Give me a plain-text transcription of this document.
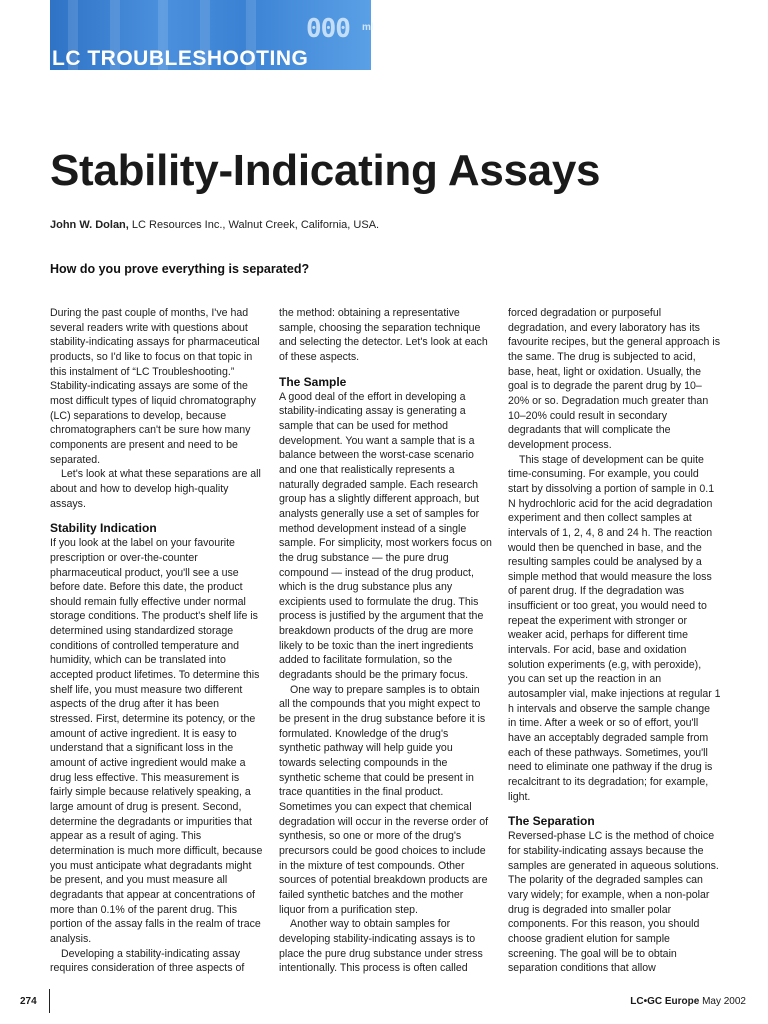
000 ml
LC TROUBLESHOOTING
Stability-Indicating Assays
John W. Dolan, LC Resources Inc., Walnut Creek, California, USA.
How do you prove everything is separated?

During the past couple of months, I've had several readers write with questions about stability-indicating assays for pharmaceutical products, so I'd like to focus on that topic in this instalment of “LC Troubleshooting.” Stability-indicating assays are some of the most difficult types of liquid chromatography (LC) separations to develop, because chromatographers can't be sure how many components are present and need to be separated.

Let's look at what these separations are all about and how to develop high-quality assays.

Stability Indication

If you look at the label on your favourite prescription or over-the-counter pharmaceutical product, you'll see a use before date. Before this date, the product should remain fully effective under normal storage conditions. The product's shelf life is determined using standardized storage conditions of controlled temperature and humidity, which can be translated into accepted product lifetimes. To determine this shelf life, you must measure two different aspects of the drug after it has been stressed. First, determine its potency, or the amount of active ingredient. It is easy to understand that a significant loss in the amount of active ingredient would make a drug less effective. This measurement is fairly simple because relatively speaking, a large amount of drug is present. Second, determine the degradants or impurities that appear as a result of aging. This determination is much more difficult, because you must anticipate what degradants might be present, and you must measure all degradants that appear at concentrations of more than 0.1% of the parent drug. This portion of the assay falls in the realm of trace analysis.

Developing a stability-indicating assay requires consideration of three aspects of

the method: obtaining a representative sample, choosing the separation technique and selecting the detector. Let's look at each of these aspects.

The Sample

A good deal of the effort in developing a stability-indicating assay is generating a sample that can be used for method development. You want a sample that is a balance between the worst-case scenario and one that realistically represents a naturally degraded sample. Each research group has a slightly different approach, but analysts generally use a set of samples for method development instead of a single sample. For simplicity, most workers focus on the drug substance — the pure drug compound — instead of the drug product, which is the drug substance plus any excipients used to formulate the drug. This process is justified by the argument that the breakdown products of the drug are more likely to be toxic than the inert ingredients added to facilitate formulation, so the degradants should be the primary focus.

One way to prepare samples is to obtain all the compounds that you might expect to be present in the drug substance before it is formulated. Knowledge of the drug's synthetic pathway will help guide you towards selecting compounds in the synthetic scheme that could be present in trace quantities in the final product. Sometimes you can expect that chemical degradation will occur in the reverse order of synthesis, so one or more of the drug's precursors could be good choices to include in the mixture of test compounds. Other sources of potential breakdown products are failed synthetic batches and the mother liquor from a purification step.

Another way to obtain samples for developing stability-indicating assays is to place the pure drug substance under stress intentionally. This process is often called

forced degradation or purposeful degradation, and every laboratory has its favourite recipes, but the general approach is the same. The drug is subjected to acid, base, heat, light or oxidation. Usually, the goal is to degrade the parent drug by 10–20% or so. Degradation much greater than 10–20% could result in secondary degradants that will complicate the development process.

This stage of development can be quite time-consuming. For example, you could start by dissolving a portion of sample in 0.1 N hydrochloric acid for the acid degradation experiment and then collect samples at intervals of 1, 2, 4, 8 and 24 h. The reaction would then be quenched in base, and the resulting samples could be analysed by a simple method that would measure the loss of parent drug. If the degradation was insufficient or too great, you would need to repeat the experiment with stronger or weaker acid, perhaps for different time intervals. For acid, base and oxidation solution experiments (e.g, with peroxide), you can set up the reaction in an autosampler vial, make injections at regular 1 h intervals and observe the sample change in time. After a week or so of effort, you'll have an acceptably degraded sample from each of these pathways. Sometimes, you'll need to eliminate one pathway if the drug is recalcitrant to its degradation; for example, light.

The Separation

Reversed-phase LC is the method of choice for stability-indicating assays because the samples are generated in aqueous solutions. The polarity of the degraded samples can vary widely; for example, when a non-polar drug is degraded into smaller polar components. For this reason, you should choose gradient elution for sample screening. The goal will be to obtain separation conditions that allow

274	LC•GC Europe May 2002
